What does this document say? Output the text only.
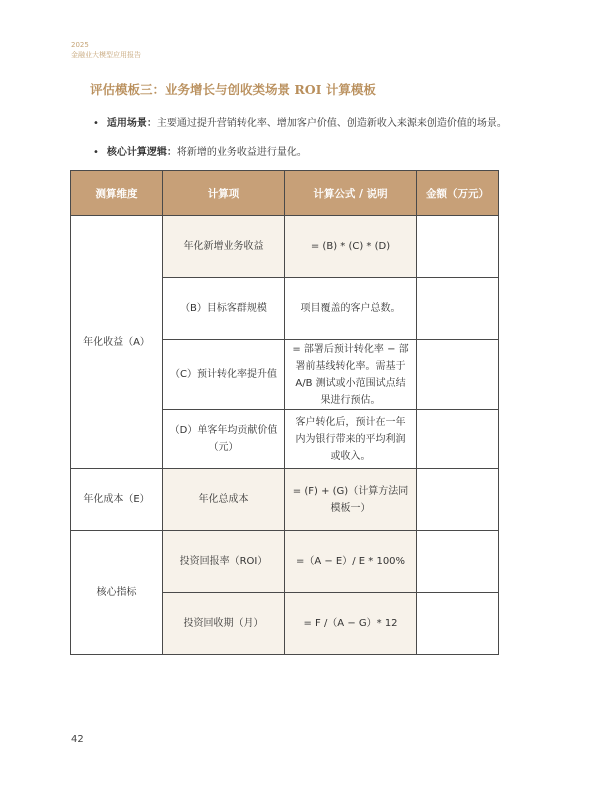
2025
金融业大模型应用报告
评估模板三：业务增长与创收类场景 ROI 计算模板
• 适用场景：主要通过提升营销转化率、增加客户价值、创造新收入来源来创造价值的场景。
• 核心计算逻辑：将新增的业务收益进行量化。
测算维度	计算项	计算公式 / 说明	金额（万元）
年化收益（A）	年化新增业务收益	= (B) * (C) * (D)	
	（B）目标客群规模	项目覆盖的客户总数。	
	（C）预计转化率提升值	= 部署后预计转化率 − 部署前基线转化率。需基于 A/B 测试或小范围试点结果进行预估。	
	（D）单客年均贡献价值（元）	客户转化后，预计在一年内为银行带来的平均利润或收入。	
年化成本（E）	年化总成本	= (F) + (G)（计算方法同模板一）	
核心指标	投资回报率（ROI）	=（A − E）/ E * 100%	
	投资回收期（月）	= F /（A − G）* 12	
42
